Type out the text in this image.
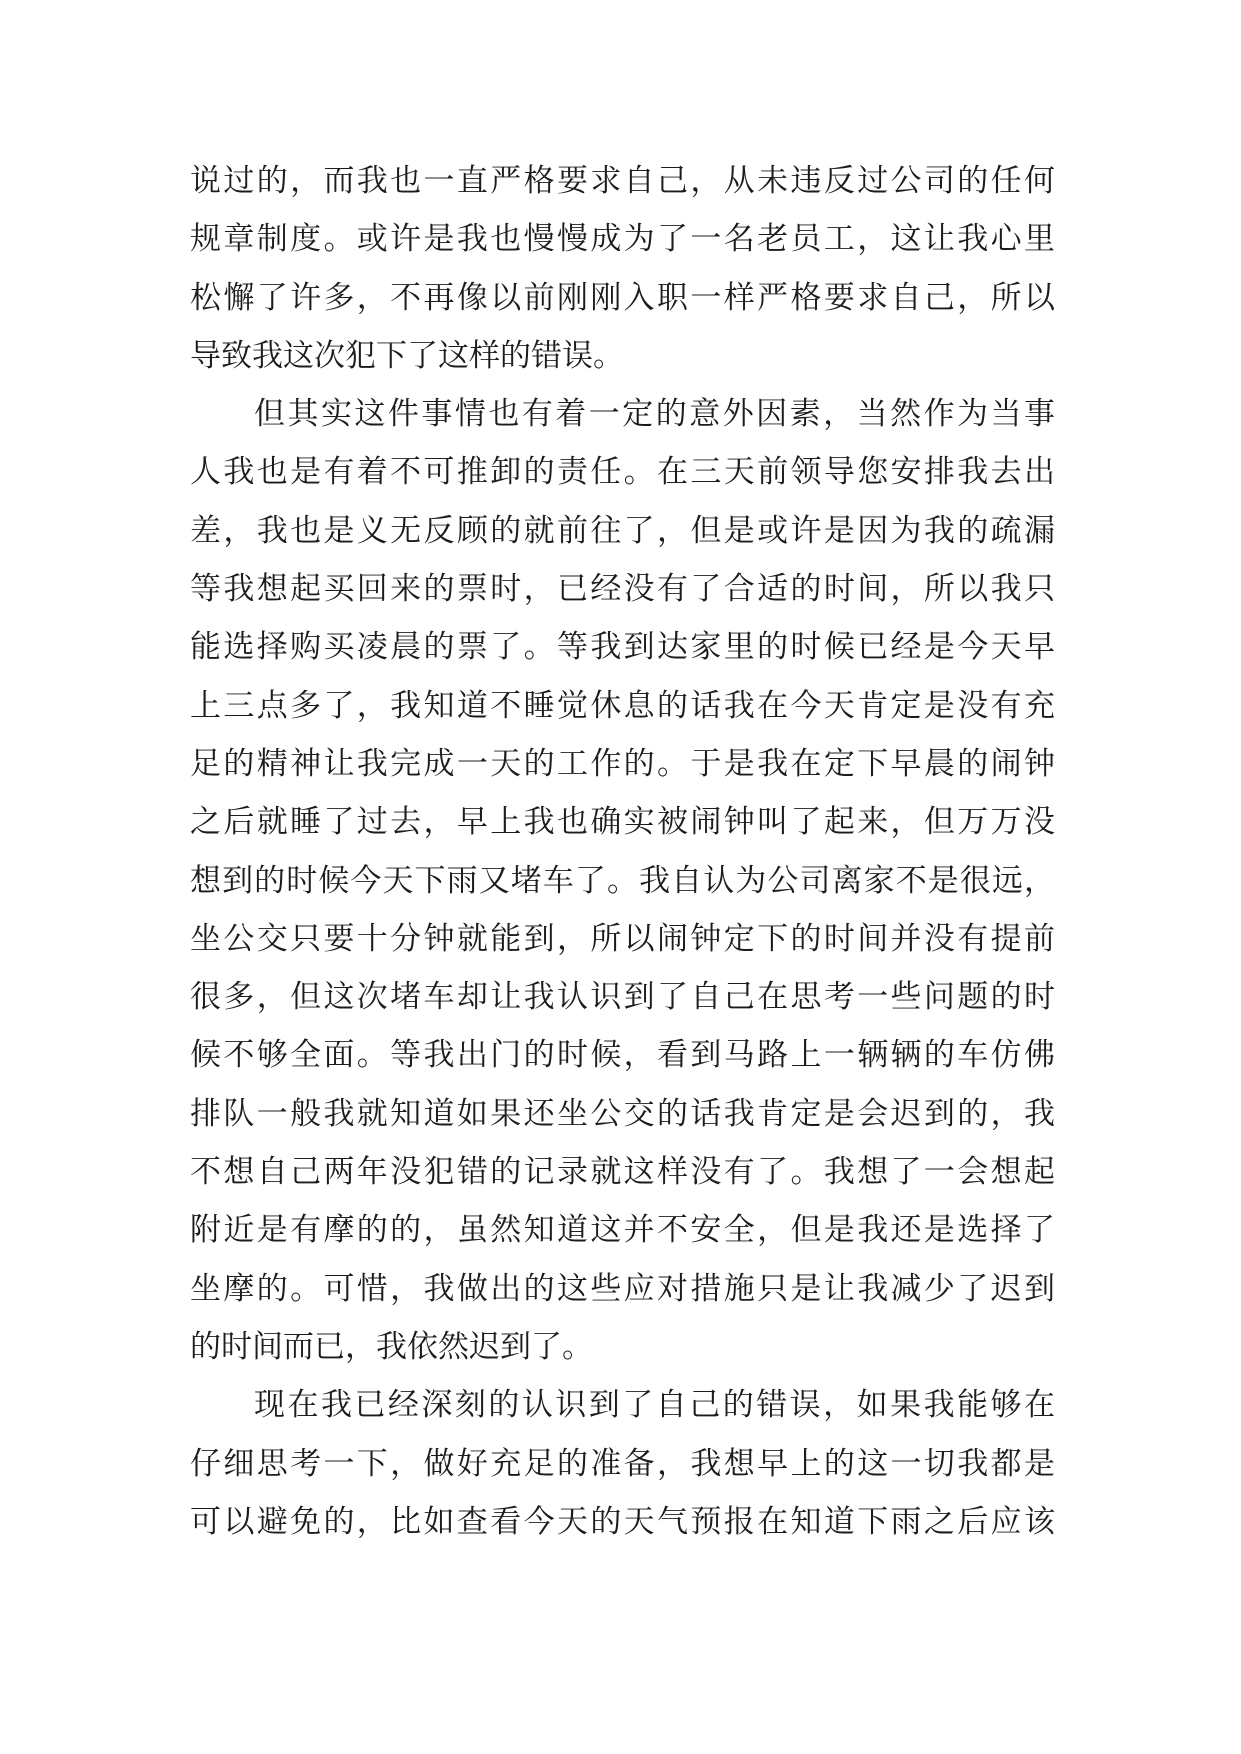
说过的，而我也一直严格要求自己，从未违反过公司的任何
规章制度。或许是我也慢慢成为了一名老员工，这让我心里
松懈了许多，不再像以前刚刚入职一样严格要求自己，所以
导致我这次犯下了这样的错误。
但其实这件事情也有着一定的意外因素，当然作为当事
人我也是有着不可推卸的责任。在三天前领导您安排我去出
差，我也是义无反顾的就前往了，但是或许是因为我的疏漏
等我想起买回来的票时，已经没有了合适的时间，所以我只
能选择购买凌晨的票了。等我到达家里的时候已经是今天早
上三点多了，我知道不睡觉休息的话我在今天肯定是没有充
足的精神让我完成一天的工作的。于是我在定下早晨的闹钟
之后就睡了过去，早上我也确实被闹钟叫了起来，但万万没
想到的时候今天下雨又堵车了。我自认为公司离家不是很远，
坐公交只要十分钟就能到，所以闹钟定下的时间并没有提前
很多，但这次堵车却让我认识到了自己在思考一些问题的时
候不够全面。等我出门的时候，看到马路上一辆辆的车仿佛
排队一般我就知道如果还坐公交的话我肯定是会迟到的，我
不想自己两年没犯错的记录就这样没有了。我想了一会想起
附近是有摩的的，虽然知道这并不安全，但是我还是选择了
坐摩的。可惜，我做出的这些应对措施只是让我减少了迟到
的时间而已，我依然迟到了。
现在我已经深刻的认识到了自己的错误，如果我能够在
仔细思考一下，做好充足的准备，我想早上的这一切我都是
可以避免的，比如查看今天的天气预报在知道下雨之后应该
